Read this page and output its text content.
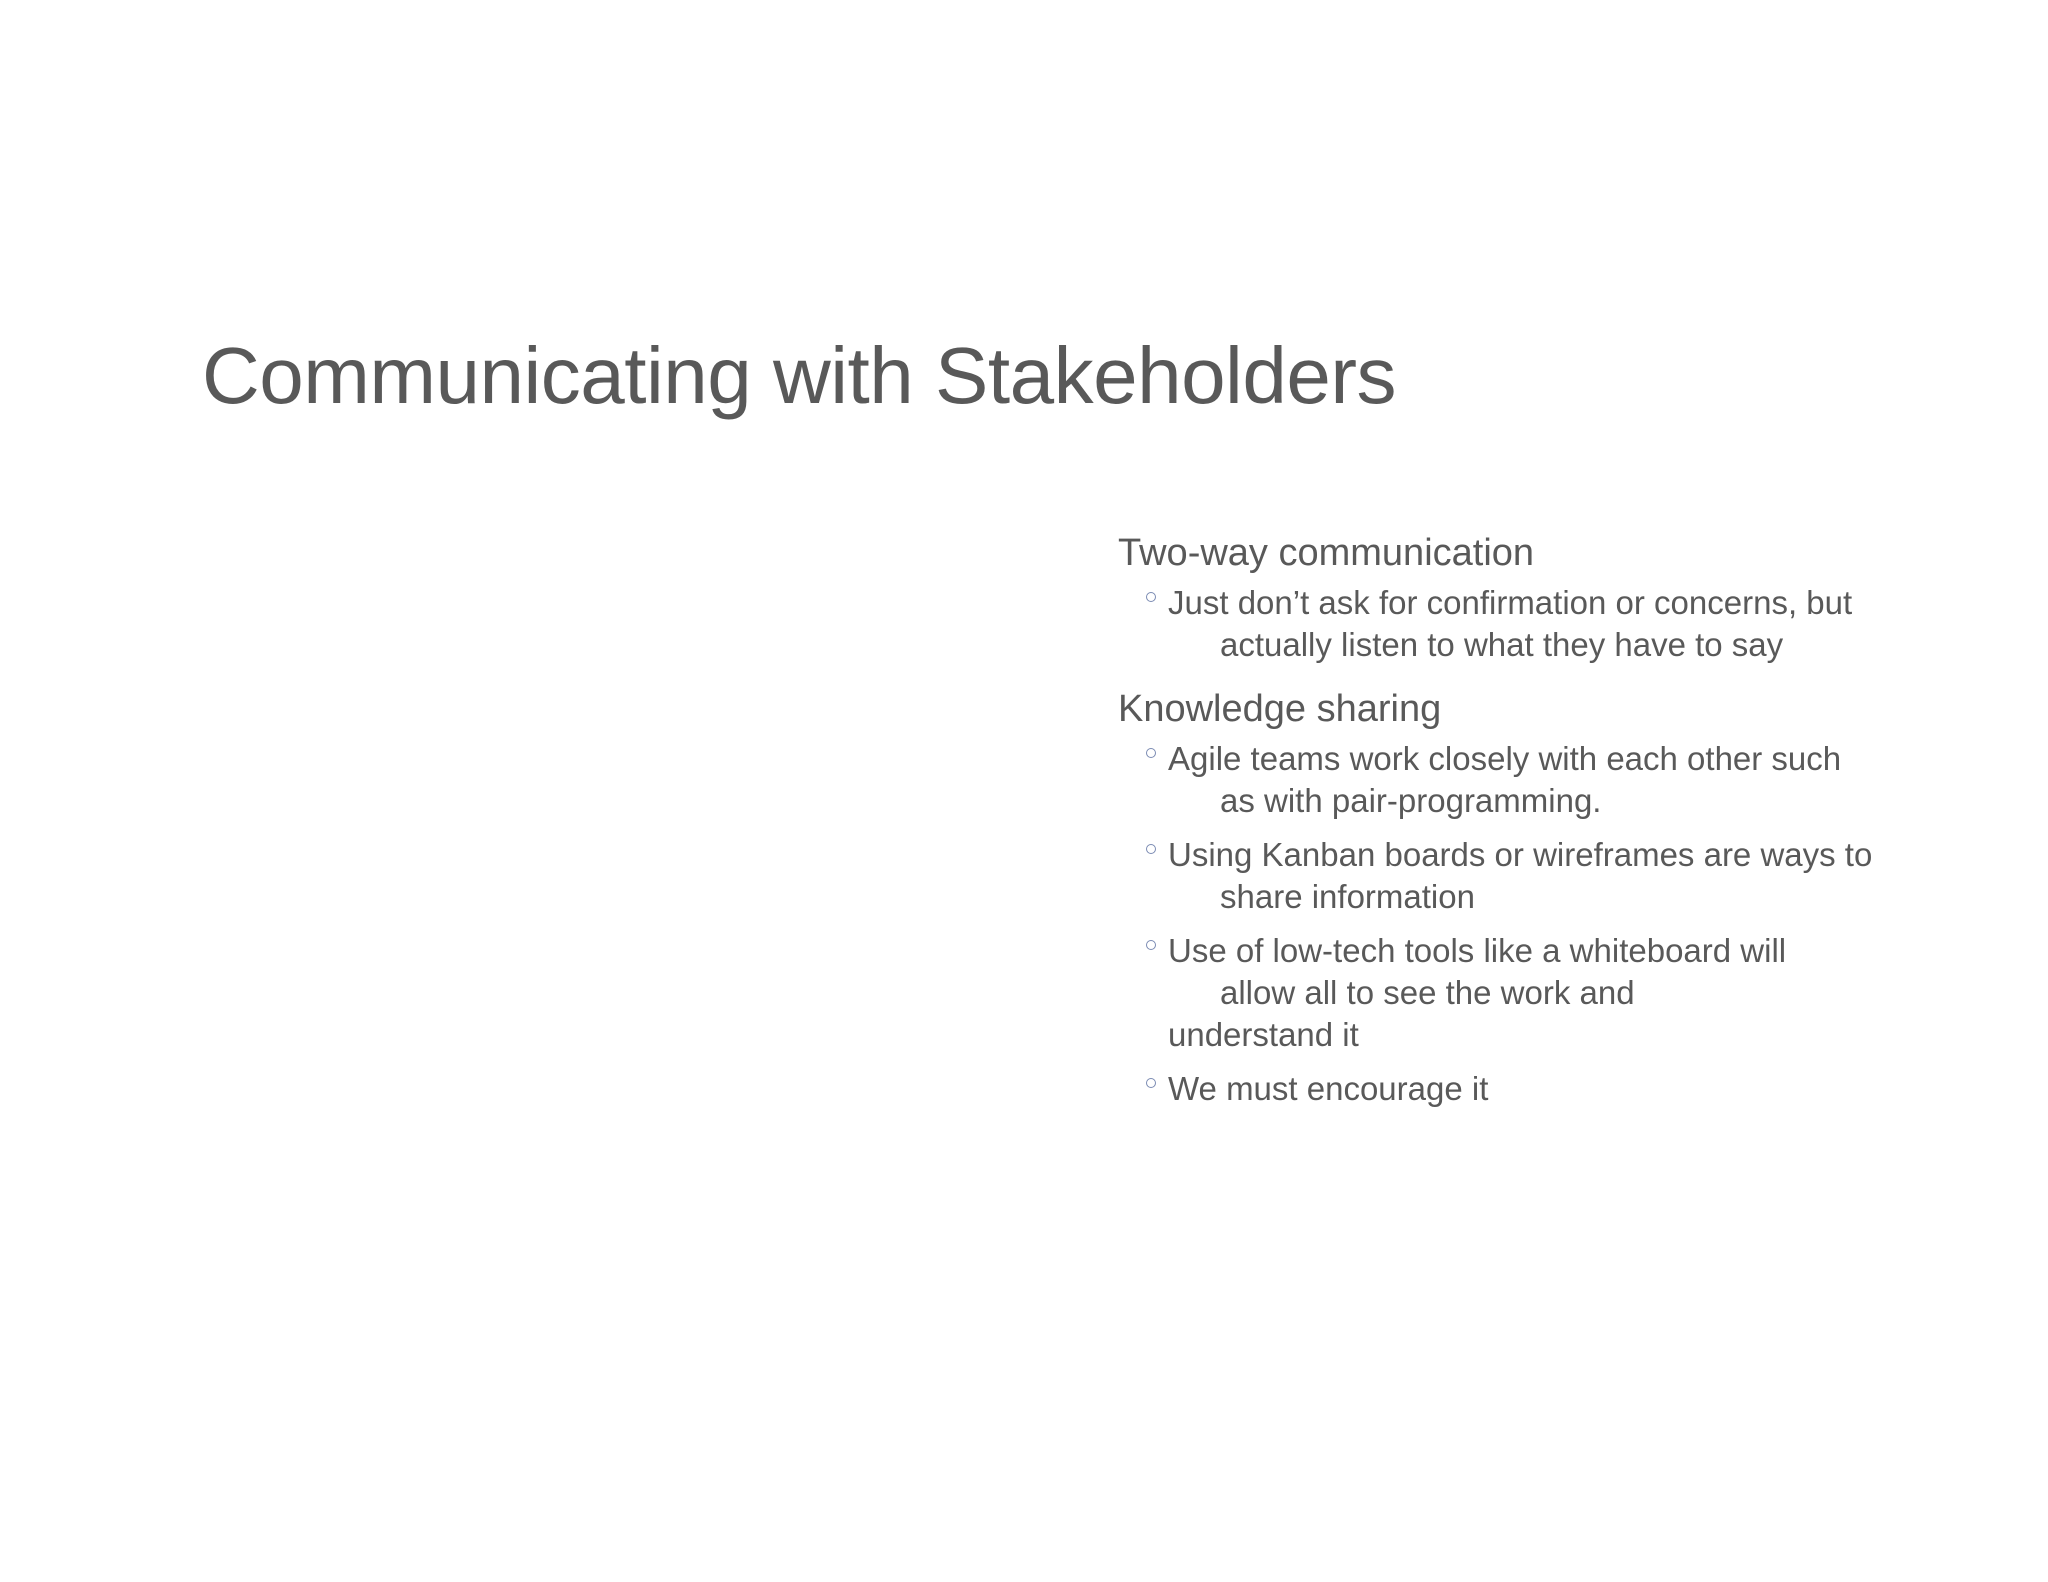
Communicating with Stakeholders
Two-way communication
Just don’t ask for confirmation or concerns, but
actually listen to what they have to say
Knowledge sharing
Agile teams work closely with each other such
as with pair-programming.
Using Kanban boards or wireframes are ways to
share information
Use of low-tech tools like a whiteboard will
allow all to see the work and
understand it
We must encourage it
